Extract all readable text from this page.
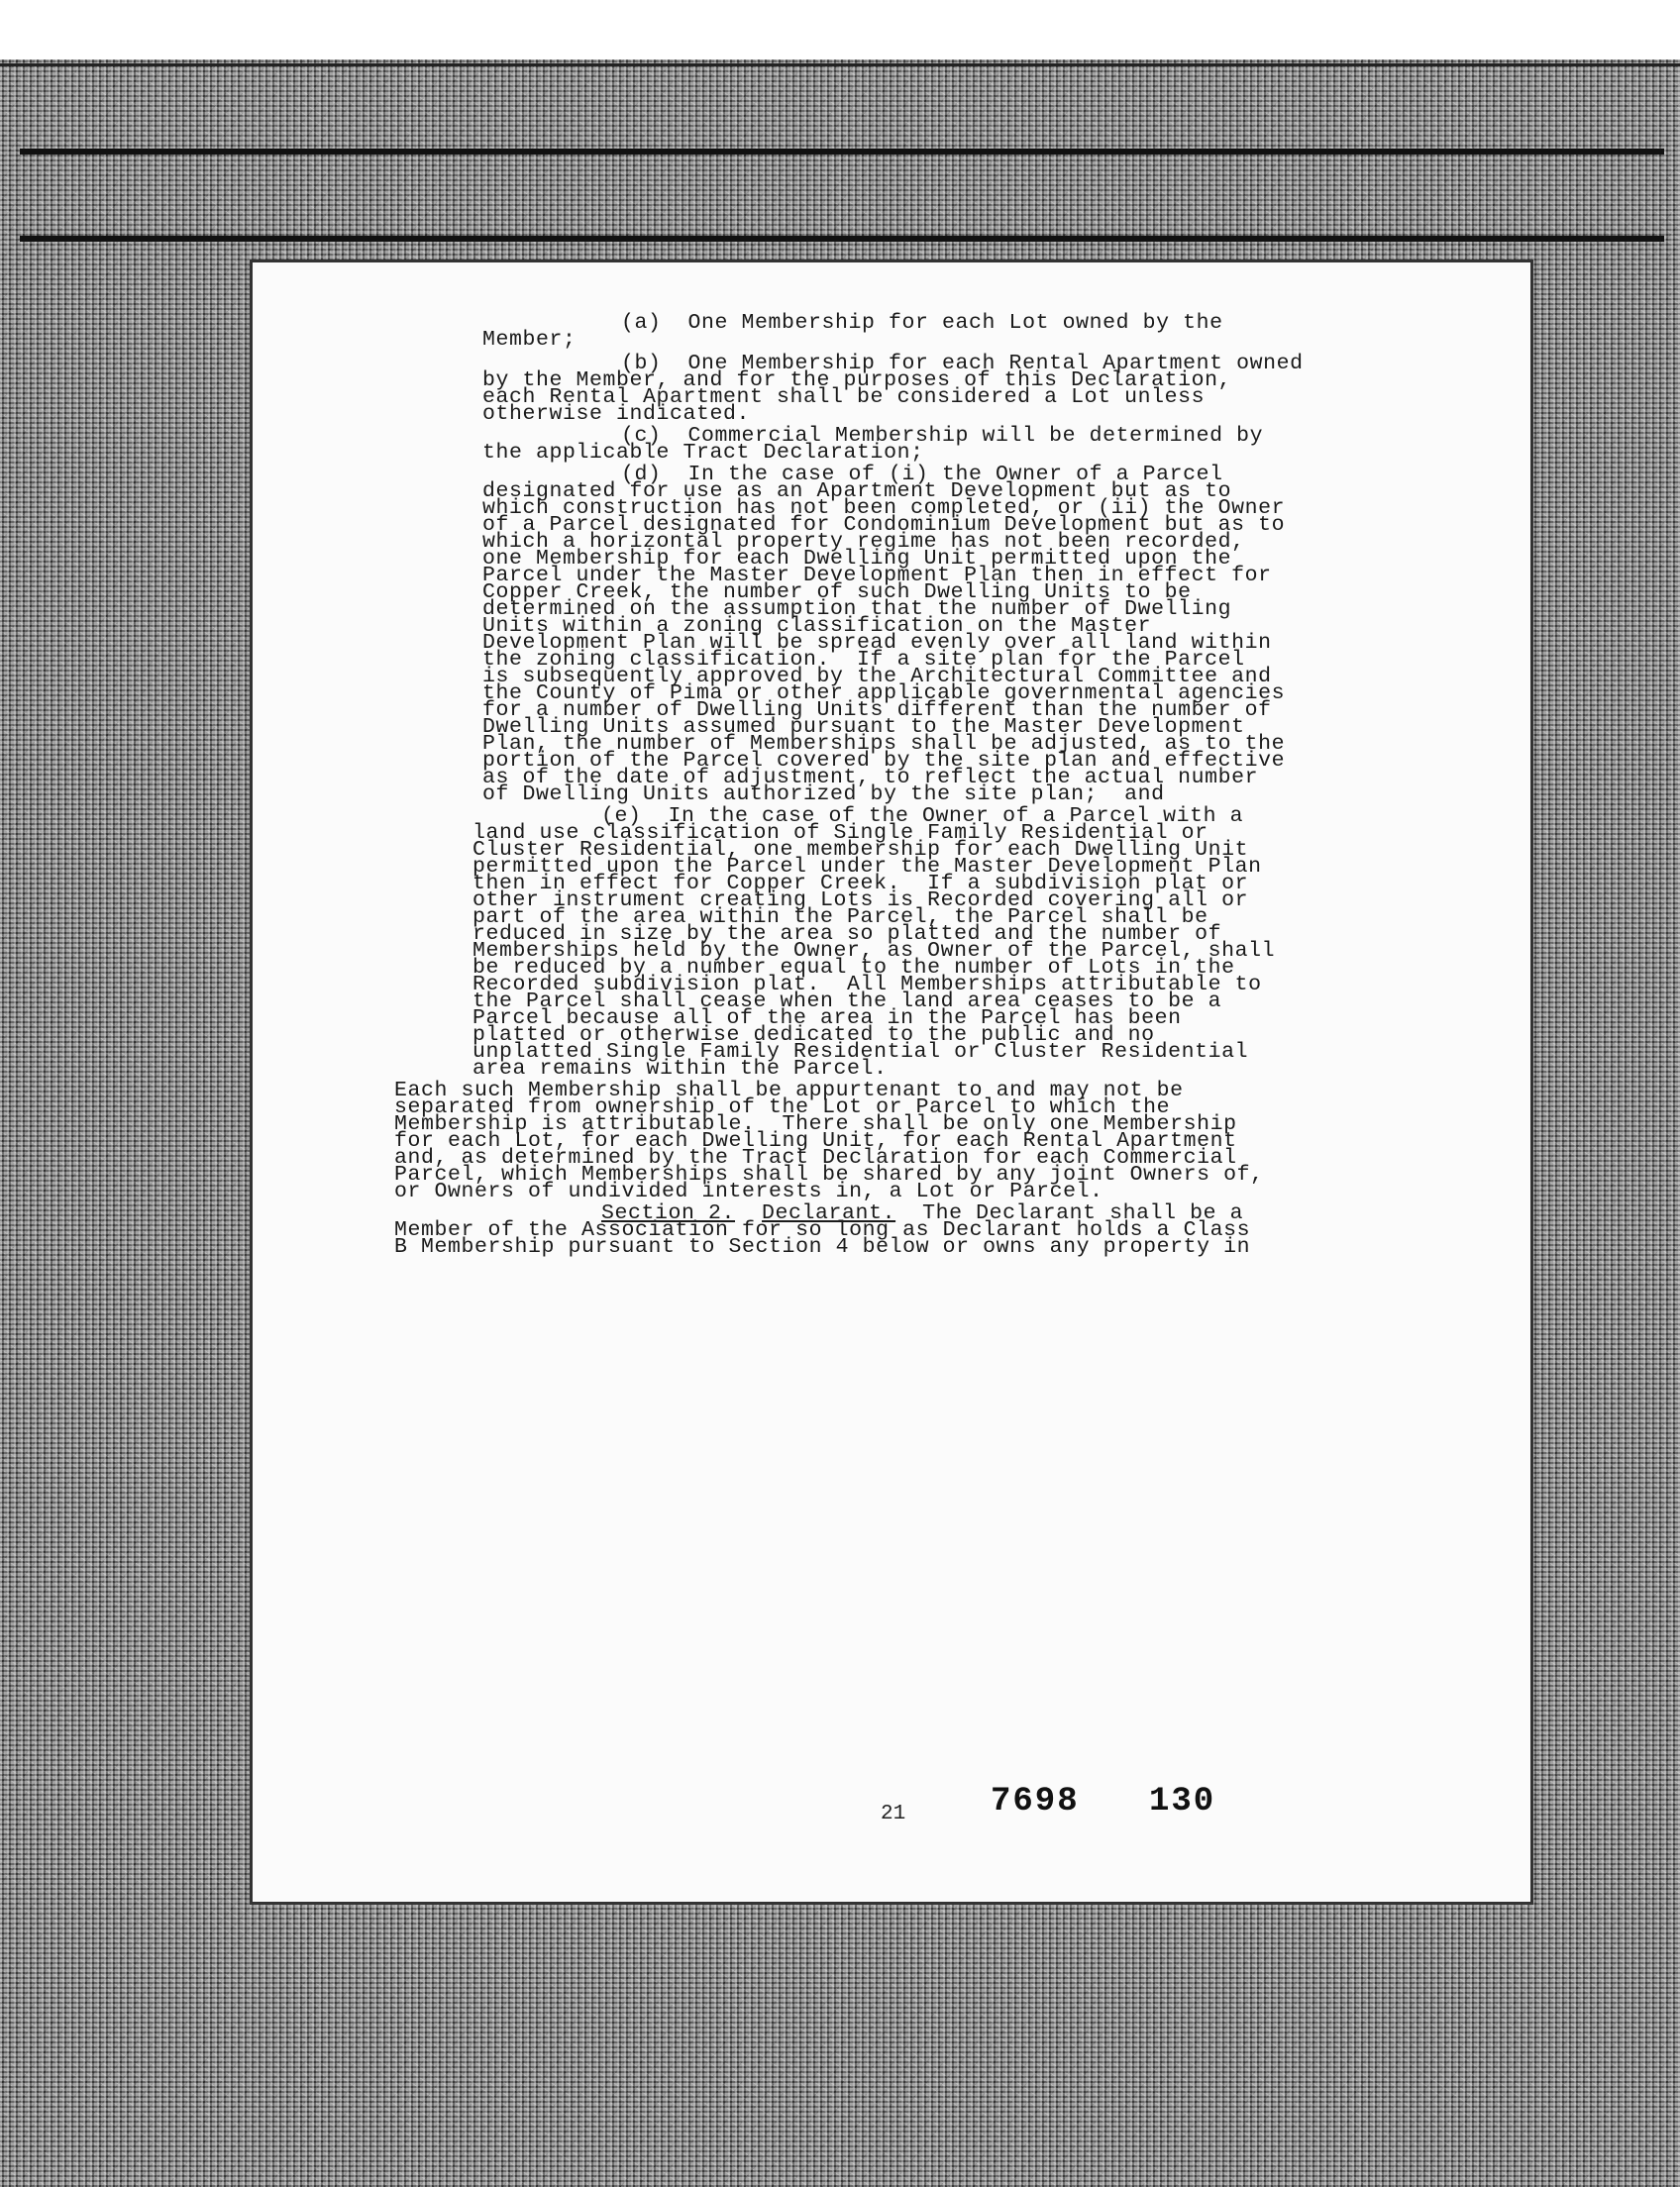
(a)  One Membership for each Lot owned by the
Member;
(b)  One Membership for each Rental Apartment owned
by the Member, and for the purposes of this Declaration,
each Rental Apartment shall be considered a Lot unless
otherwise indicated.
(c)  Commercial Membership will be determined by
the applicable Tract Declaration;
(d)  In the case of (i) the Owner of a Parcel
designated for use as an Apartment Development but as to
which construction has not been completed, or (ii) the Owner
of a Parcel designated for Condominium Development but as to
which a horizontal property regime has not been recorded,
one Membership for each Dwelling Unit permitted upon the
Parcel under the Master Development Plan then in effect for
Copper Creek, the number of such Dwelling Units to be
determined on the assumption that the number of Dwelling
Units within a zoning classification on the Master
Development Plan will be spread evenly over all land within
the zoning classification.  If a site plan for the Parcel
is subsequently approved by the Architectural Committee and
the County of Pima or other applicable governmental agencies
for a number of Dwelling Units different than the number of
Dwelling Units assumed pursuant to the Master Development
Plan, the number of Memberships shall be adjusted, as to the
portion of the Parcel covered by the site plan and effective
as of the date of adjustment, to reflect the actual number
of Dwelling Units authorized by the site plan;  and
(e)  In the case of the Owner of a Parcel with a
land use classification of Single Family Residential or
Cluster Residential, one membership for each Dwelling Unit
permitted upon the Parcel under the Master Development Plan
then in effect for Copper Creek.  If a subdivision plat or
other instrument creating Lots is Recorded covering all or
part of the area within the Parcel, the Parcel shall be
reduced in size by the area so platted and the number of
Memberships held by the Owner, as Owner of the Parcel, shall
be reduced by a number equal to the number of Lots in the
Recorded subdivision plat.  All Memberships attributable to
the Parcel shall cease when the land area ceases to be a
Parcel because all of the area in the Parcel has been
platted or otherwise dedicated to the public and no
unplatted Single Family Residential or Cluster Residential
area remains within the Parcel.
Each such Membership shall be appurtenant to and may not be
separated from ownership of the Lot or Parcel to which the
Membership is attributable.  There shall be only one Membership
for each Lot, for each Dwelling Unit, for each Rental Apartment
and, as determined by the Tract Declaration for each Commercial
Parcel, which Memberships shall be shared by any joint Owners of,
or Owners of undivided interests in, a Lot or Parcel.
Section 2. Declarant. The Declarant shall be a
Member of the Association for so long as Declarant holds a Class
B Membership pursuant to Section 4 below or owns any property in
21	7698 130
